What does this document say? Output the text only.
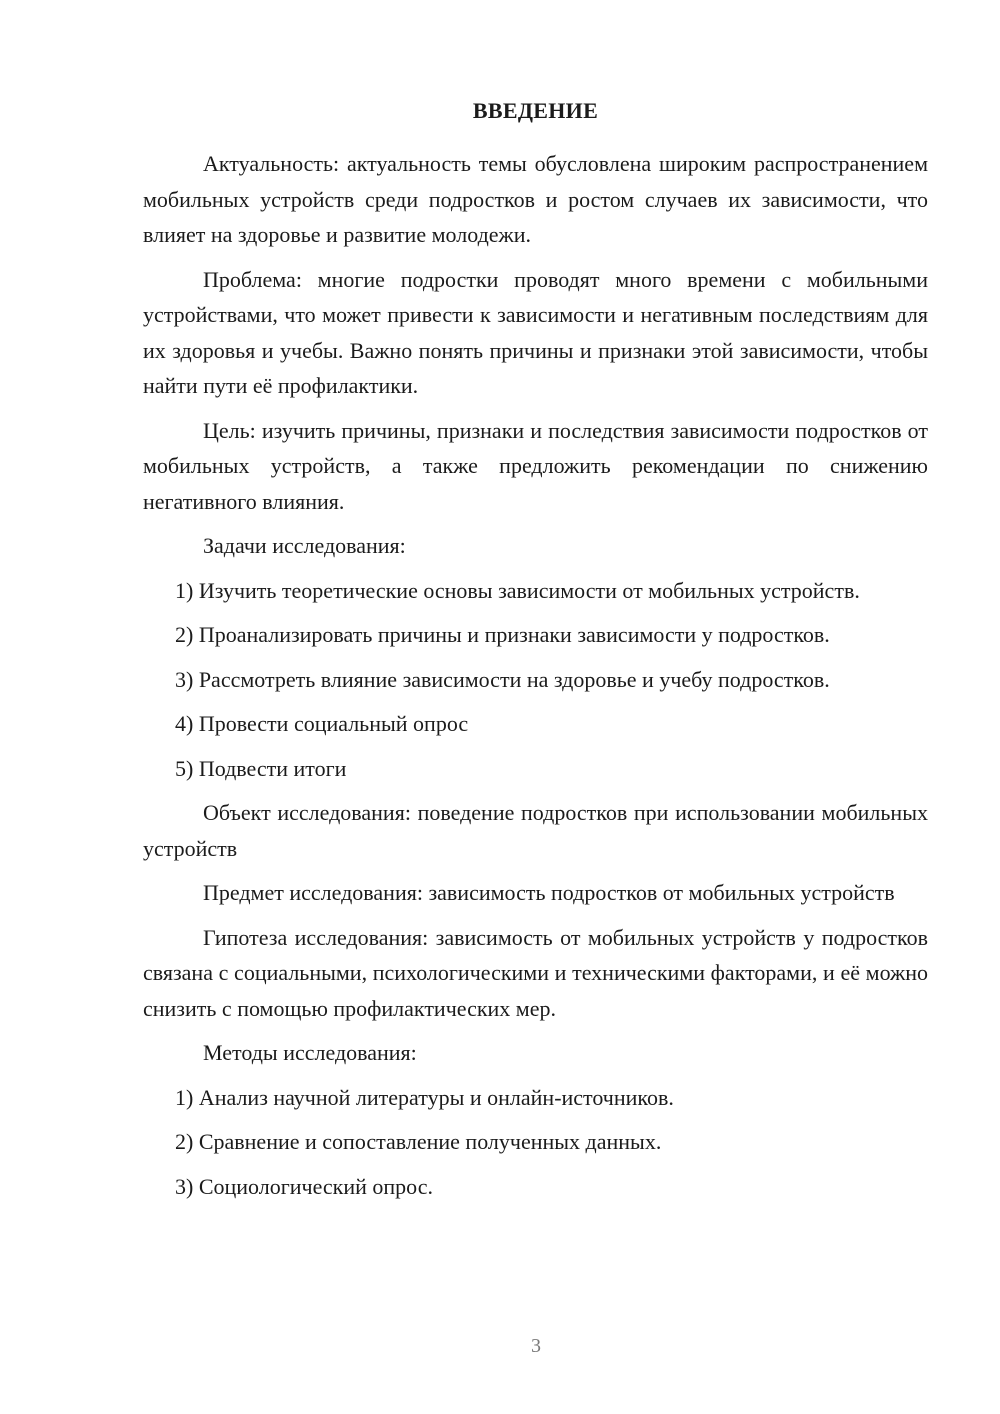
ВВЕДЕНИЕ

Актуальность: актуальность темы обусловлена широким распространением мобильных устройств среди подростков и ростом случаев их зависимости, что влияет на здоровье и развитие молодежи.

Проблема: многие подростки проводят много времени с мобильными устройствами, что может привести к зависимости и негативным последствиям для их здоровья и учебы. Важно понять причины и признаки этой зависимости, чтобы найти пути её профилактики.

Цель: изучить причины, признаки и последствия зависимости подростков от мобильных устройств, а также предложить рекомендации по снижению негативного влияния.

Задачи исследования:

1) Изучить теоретические основы зависимости от мобильных устройств.

2) Проанализировать причины и признаки зависимости у подростков.

3) Рассмотреть влияние зависимости на здоровье и учебу подростков.

4) Провести социальный опрос

5) Подвести итоги

Объект исследования: поведение подростков при использовании мобильных устройств

Предмет исследования: зависимость подростков от мобильных устройств

Гипотеза исследования: зависимость от мобильных устройств у подростков связана с социальными, психологическими и техническими факторами, и её можно снизить с помощью профилактических мер.

Методы исследования:

1) Анализ научной литературы и онлайн-источников.

2) Сравнение и сопоставление полученных данных.

3) Социологический опрос.

3
